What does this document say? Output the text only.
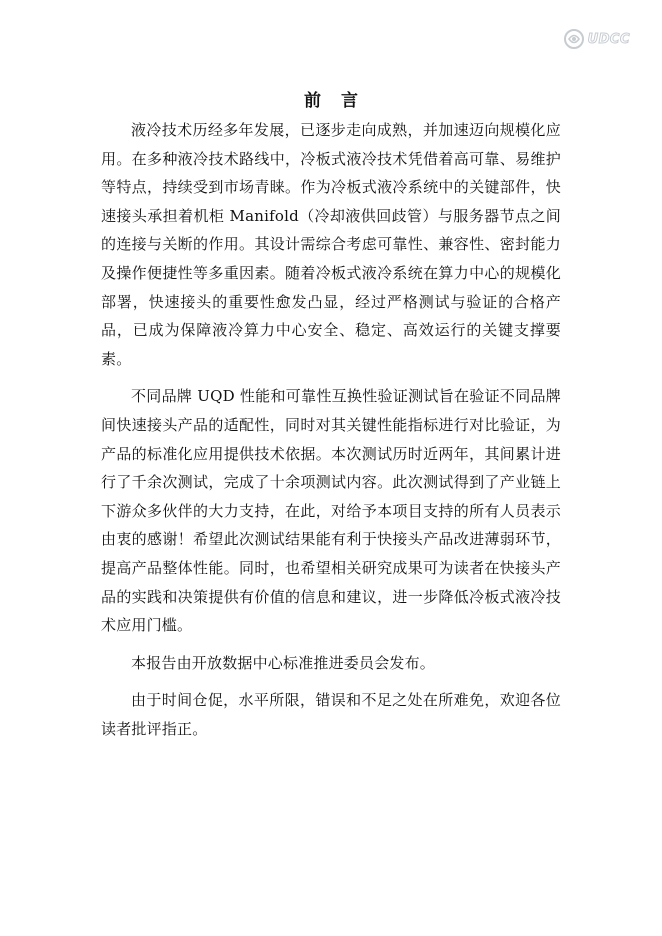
UDCC
前 言

液冷技术历经多年发展，已逐步走向成熟，并加速迈向规模化应用。在多种液冷技术路线中，冷板式液冷技术凭借着高可靠、易维护等特点，持续受到市场青睐。作为冷板式液冷系统中的关键部件，快速接头承担着机柜 Manifold（冷却液供回歧管）与服务器节点之间的连接与关断的作用。其设计需综合考虑可靠性、兼容性、密封能力及操作便捷性等多重因素。随着冷板式液冷系统在算力中心的规模化部署，快速接头的重要性愈发凸显，经过严格测试与验证的合格产品，已成为保障液冷算力中心安全、稳定、高效运行的关键支撑要素。

不同品牌 UQD 性能和可靠性互换性验证测试旨在验证不同品牌间快速接头产品的适配性，同时对其关键性能指标进行对比验证，为产品的标准化应用提供技术依据。本次测试历时近两年，其间累计进行了千余次测试，完成了十余项测试内容。此次测试得到了产业链上下游众多伙伴的大力支持，在此，对给予本项目支持的所有人员表示由衷的感谢！希望此次测试结果能有利于快接头产品改进薄弱环节，提高产品整体性能。同时，也希望相关研究成果可为读者在快接头产品的实践和决策提供有价值的信息和建议，进一步降低冷板式液冷技术应用门槛。

本报告由开放数据中心标准推进委员会发布。

由于时间仓促，水平所限，错误和不足之处在所难免，欢迎各位读者批评指正。
